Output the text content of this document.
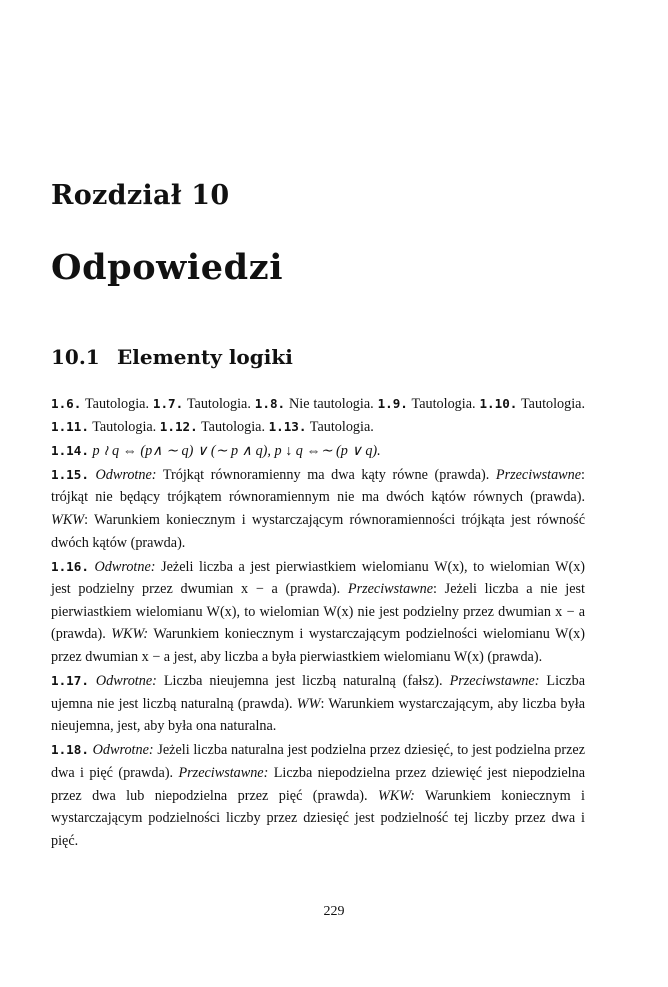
Rozdział 10
Odpowiedzi
10.1 Elementy logiki

1.6. Tautologia. 1.7. Tautologia. 1.8. Nie tautologia. 1.9. Tautologia. 1.10. Tautologia. 1.11. Tautologia. 1.12. Tautologia. 1.13. Tautologia.

1.14. p ≀ q ⇔ (p∧ ∼ q) ∨ (∼ p ∧ q), p ↓ q ⇔∼ (p ∨ q).

1.15. Odwrotne: Trójkąt równoramienny ma dwa kąty równe (prawda). Przeciwstawne: trójkąt nie będący trójkątem równoramiennym nie ma dwóch kątów równych (prawda). WKW: Warunkiem koniecznym i wystarczającym równoramienności trójkąta jest równość dwóch kątów (prawda).

1.16. Odwrotne: Jeżeli liczba a jest pierwiastkiem wielomianu W(x), to wielomian W(x) jest podzielny przez dwumian x − a (prawda). Przeciwstawne: Jeżeli liczba a nie jest pierwiastkiem wielomianu W(x), to wielomian W(x) nie jest podzielny przez dwumian x − a (prawda). WKW: Warunkiem koniecznym i wystarczającym podzielności wielomianu W(x) przez dwumian x − a jest, aby liczba a była pierwiastkiem wielomianu W(x) (prawda).

1.17. Odwrotne: Liczba nieujemna jest liczbą naturalną (fałsz). Przeciwstawne: Liczba ujemna nie jest liczbą naturalną (prawda). WW: Warunkiem wystarczającym, aby liczba była nieujemna, jest, aby była ona naturalna.

1.18. Odwrotne: Jeżeli liczba naturalna jest podzielna przez dziesięć, to jest podzielna przez dwa i pięć (prawda). Przeciwstawne: Liczba niepodzielna przez dziewięć jest niepodzielna przez dwa lub niepodzielna przez pięć (prawda). WKW: Warunkiem koniecznym i wystarczającym podzielności liczby przez dziesięć jest podzielność tej liczby przez dwa i pięć.

229
